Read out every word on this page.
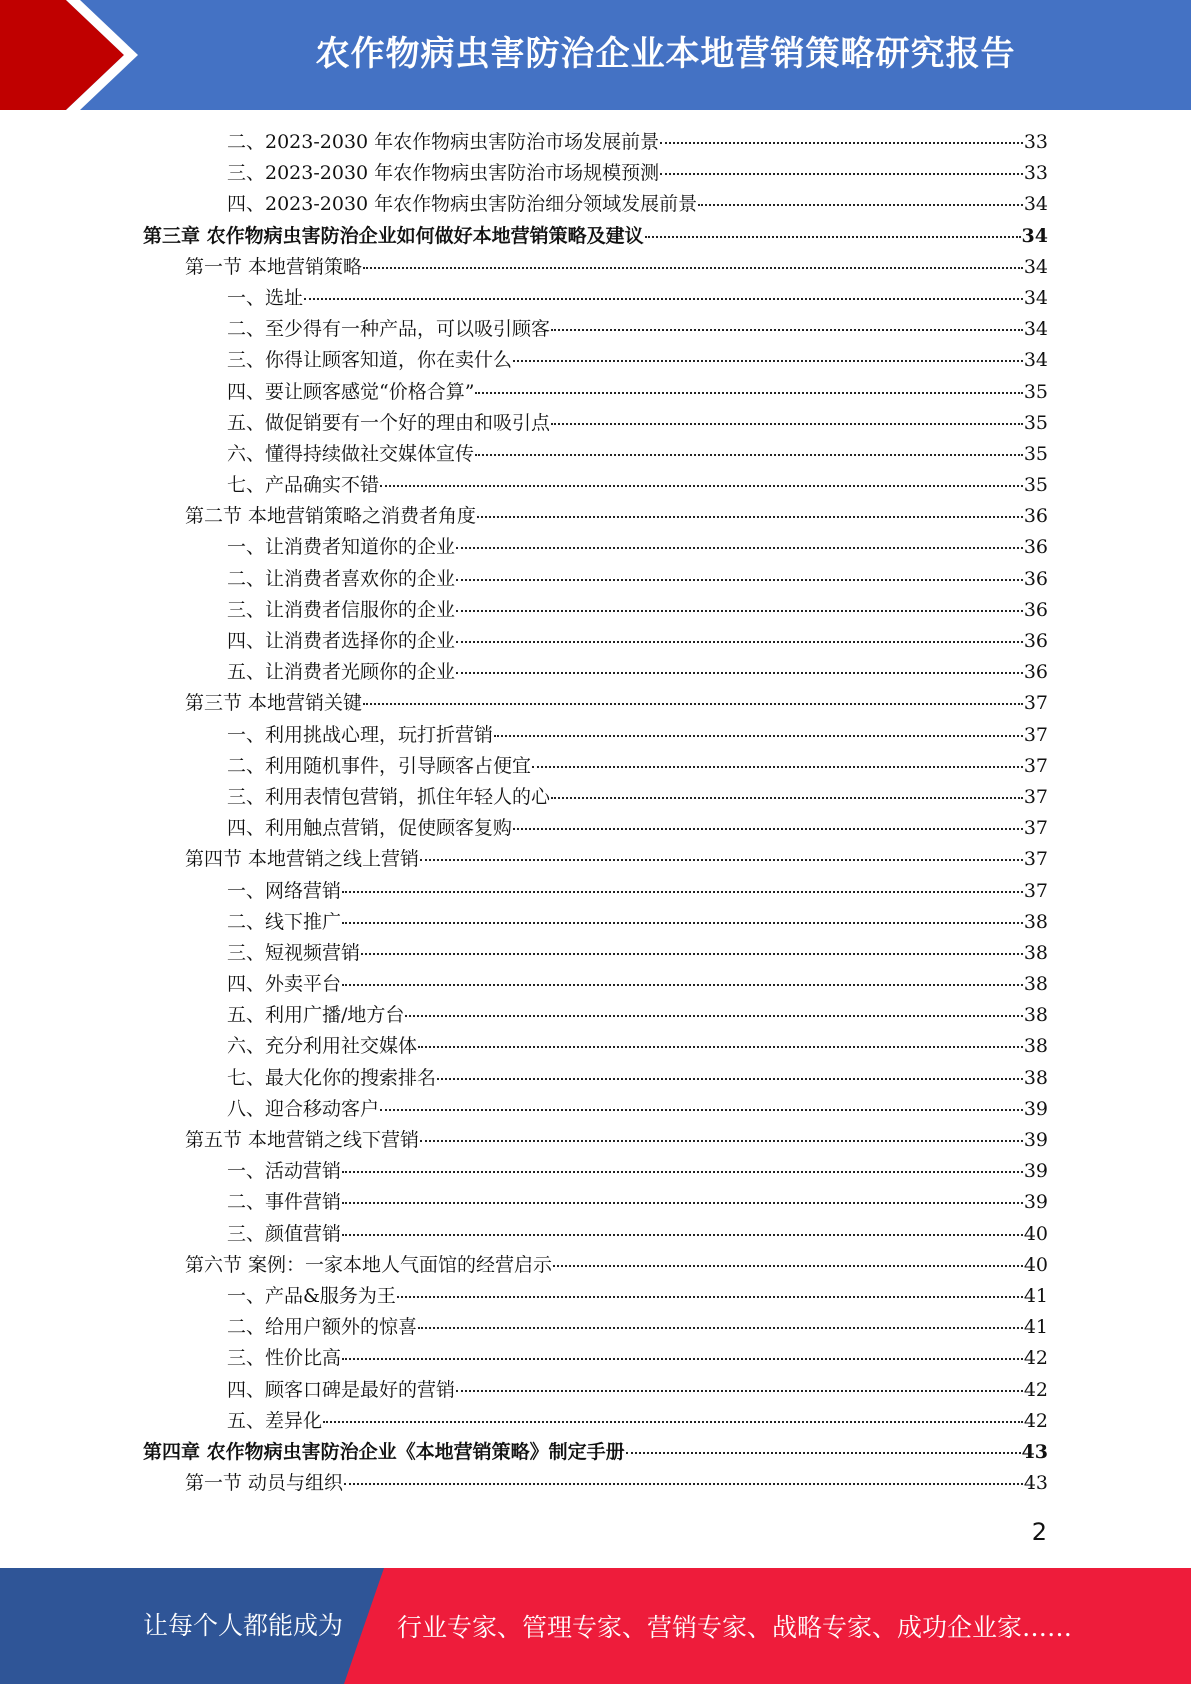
农作物病虫害防治企业本地营销策略研究报告
二、2023-2030 年农作物病虫害防治市场发展前景	33
三、2023-2030 年农作物病虫害防治市场规模预测	33
四、2023-2030 年农作物病虫害防治细分领域发展前景	34
第三章 农作物病虫害防治企业如何做好本地营销策略及建议	34
第一节 本地营销策略	34
一、选址	34
二、至少得有一种产品，可以吸引顾客	34
三、你得让顾客知道，你在卖什么	34
四、要让顾客感觉“价格合算”	35
五、做促销要有一个好的理由和吸引点	35
六、懂得持续做社交媒体宣传	35
七、产品确实不错	35
第二节 本地营销策略之消费者角度	36
一、让消费者知道你的企业	36
二、让消费者喜欢你的企业	36
三、让消费者信服你的企业	36
四、让消费者选择你的企业	36
五、让消费者光顾你的企业	36
第三节 本地营销关键	37
一、利用挑战心理，玩打折营销	37
二、利用随机事件，引导顾客占便宜	37
三、利用表情包营销，抓住年轻人的心	37
四、利用触点营销，促使顾客复购	37
第四节 本地营销之线上营销	37
一、网络营销	37
二、线下推广	38
三、短视频营销	38
四、外卖平台	38
五、利用广播/地方台	38
六、充分利用社交媒体	38
七、最大化你的搜索排名	38
八、迎合移动客户	39
第五节 本地营销之线下营销	39
一、活动营销	39
二、事件营销	39
三、颜值营销	40
第六节 案例：一家本地人气面馆的经营启示	40
一、产品&服务为王	41
二、给用户额外的惊喜	41
三、性价比高	42
四、顾客口碑是最好的营销	42
五、差异化	42
第四章 农作物病虫害防治企业《本地营销策略》制定手册	43
第一节 动员与组织	43
2
让每个人都能成为 行业专家、管理专家、营销专家、战略专家、成功企业家……
